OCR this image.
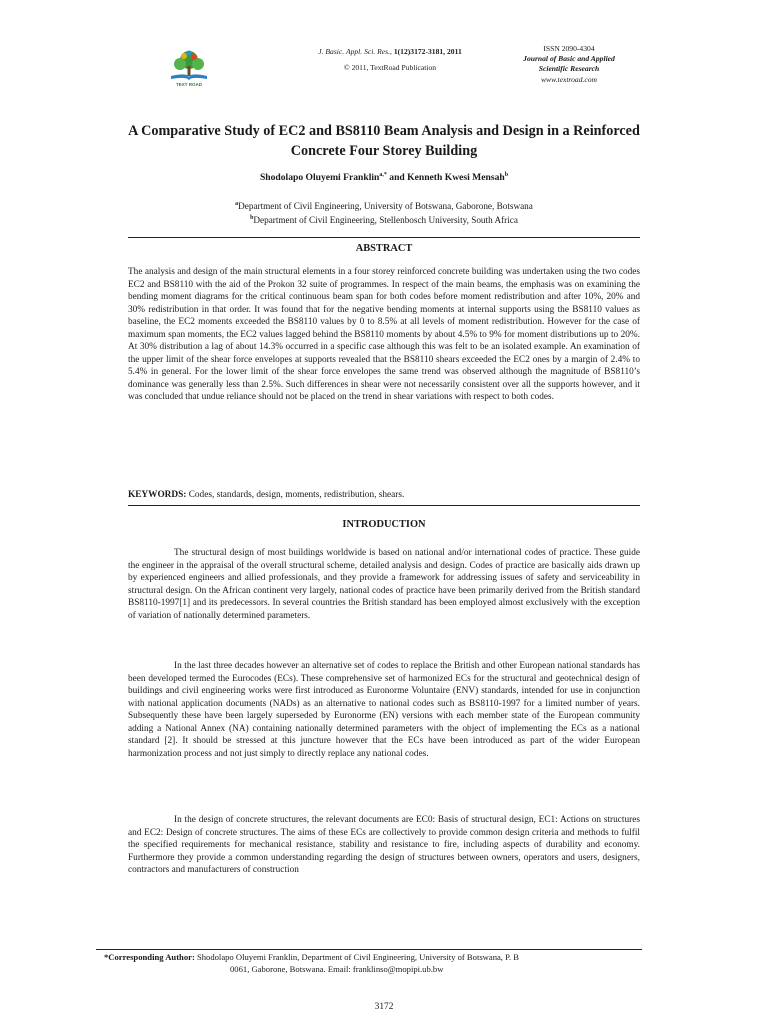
TEXT ROAD
J. Basic. Appl. Sci. Res., 1(12)3172-3181, 2011
© 2011, TextRoad Publication
ISSN 2090-4304
Journal of Basic and Applied
Scientific Research
www.textroad.com
A Comparative Study of EC2 and BS8110 Beam Analysis and Design in a Reinforced Concrete Four Storey Building
Shodolapo Oluyemi Franklin$^{a,*}$ and Kenneth Kwesi Mensah$^b$
$^a$Department of Civil Engineering, University of Botswana, Gaborone, Botswana
$^b$Department of Civil Engineering, Stellenbosch University, South Africa
ABSTRACT

The analysis and design of the main structural elements in a four storey reinforced concrete building was undertaken using the two codes EC2 and BS8110 with the aid of the Prokon 32 suite of programmes. In respect of the main beams, the emphasis was on examining the bending moment diagrams for the critical continuous beam span for both codes before moment redistribution and after 10%, 20% and 30% redistribution in that order. It was found that for the negative bending moments at internal supports using the BS8110 values as baseline, the EC2 moments exceeded the BS8110 values by 0 to 8.5% at all levels of moment redistribution. However for the case of maximum span moments, the EC2 values lagged behind the BS8110 moments by about 4.5% to 9% for moment distributions up to 20%. At 30% distribution a lag of about 14.3% occurred in a specific case although this was felt to be an isolated example. An examination of the upper limit of the shear force envelopes at supports revealed that the BS8110 shears exceeded the EC2 ones by a margin of 2.4% to 5.4% in general. For the lower limit of the shear force envelopes the same trend was observed although the magnitude of BS8110’s dominance was generally less than 2.5%. Such differences in shear were not necessarily consistent over all the supports however, and it was concluded that undue reliance should not be placed on the trend in shear variations with respect to both codes.

KEYWORDS: Codes, standards, design, moments, redistribution, shears.
INTRODUCTION

The structural design of most buildings worldwide is based on national and/or international codes of practice. These guide the engineer in the appraisal of the overall structural scheme, detailed analysis and design. Codes of practice are basically aids drawn up by experienced engineers and allied professionals, and they provide a framework for addressing issues of safety and serviceability in structural design. On the African continent very largely, national codes of practice have been primarily derived from the British standard BS8110-1997[1] and its predecessors. In several countries the British standard has been employed almost exclusively with the exception of variation of nationally determined parameters.

In the last three decades however an alternative set of codes to replace the British and other European national standards has been developed termed the Eurocodes (ECs). These comprehensive set of harmonized ECs for the structural and geotechnical design of buildings and civil engineering works were first introduced as Euronorme Voluntaire (ENV) standards, intended for use in conjunction with national application documents (NADs) as an alternative to national codes such as BS8110-1997 for a limited number of years. Subsequently these have been largely superseded by Euronorme (EN) versions with each member state of the European community adding a National Annex (NA) containing nationally determined parameters with the object of implementing the ECs as a national standard [2]. It should be stressed at this juncture however that the ECs have been introduced as part of the wider European harmonization process and not just simply to directly replace any national codes.

In the design of concrete structures, the relevant documents are EC0: Basis of structural design, EC1: Actions on structures and EC2: Design of concrete structures. The aims of these ECs are collectively to provide common design criteria and methods to fulfil the specified requirements for mechanical resistance, stability and resistance to fire, including aspects of durability and economy. Furthermore they provide a common understanding regarding the design of structures between owners, operators and users, designers, contractors and manufacturers of construction

*Corresponding Author: Shodolapo Oluyemi Franklin, Department of Civil Engineering, University of Botswana, P. B
0061, Gaborone, Botswana. Email: franklinso@mopipi.ub.bw
3172
